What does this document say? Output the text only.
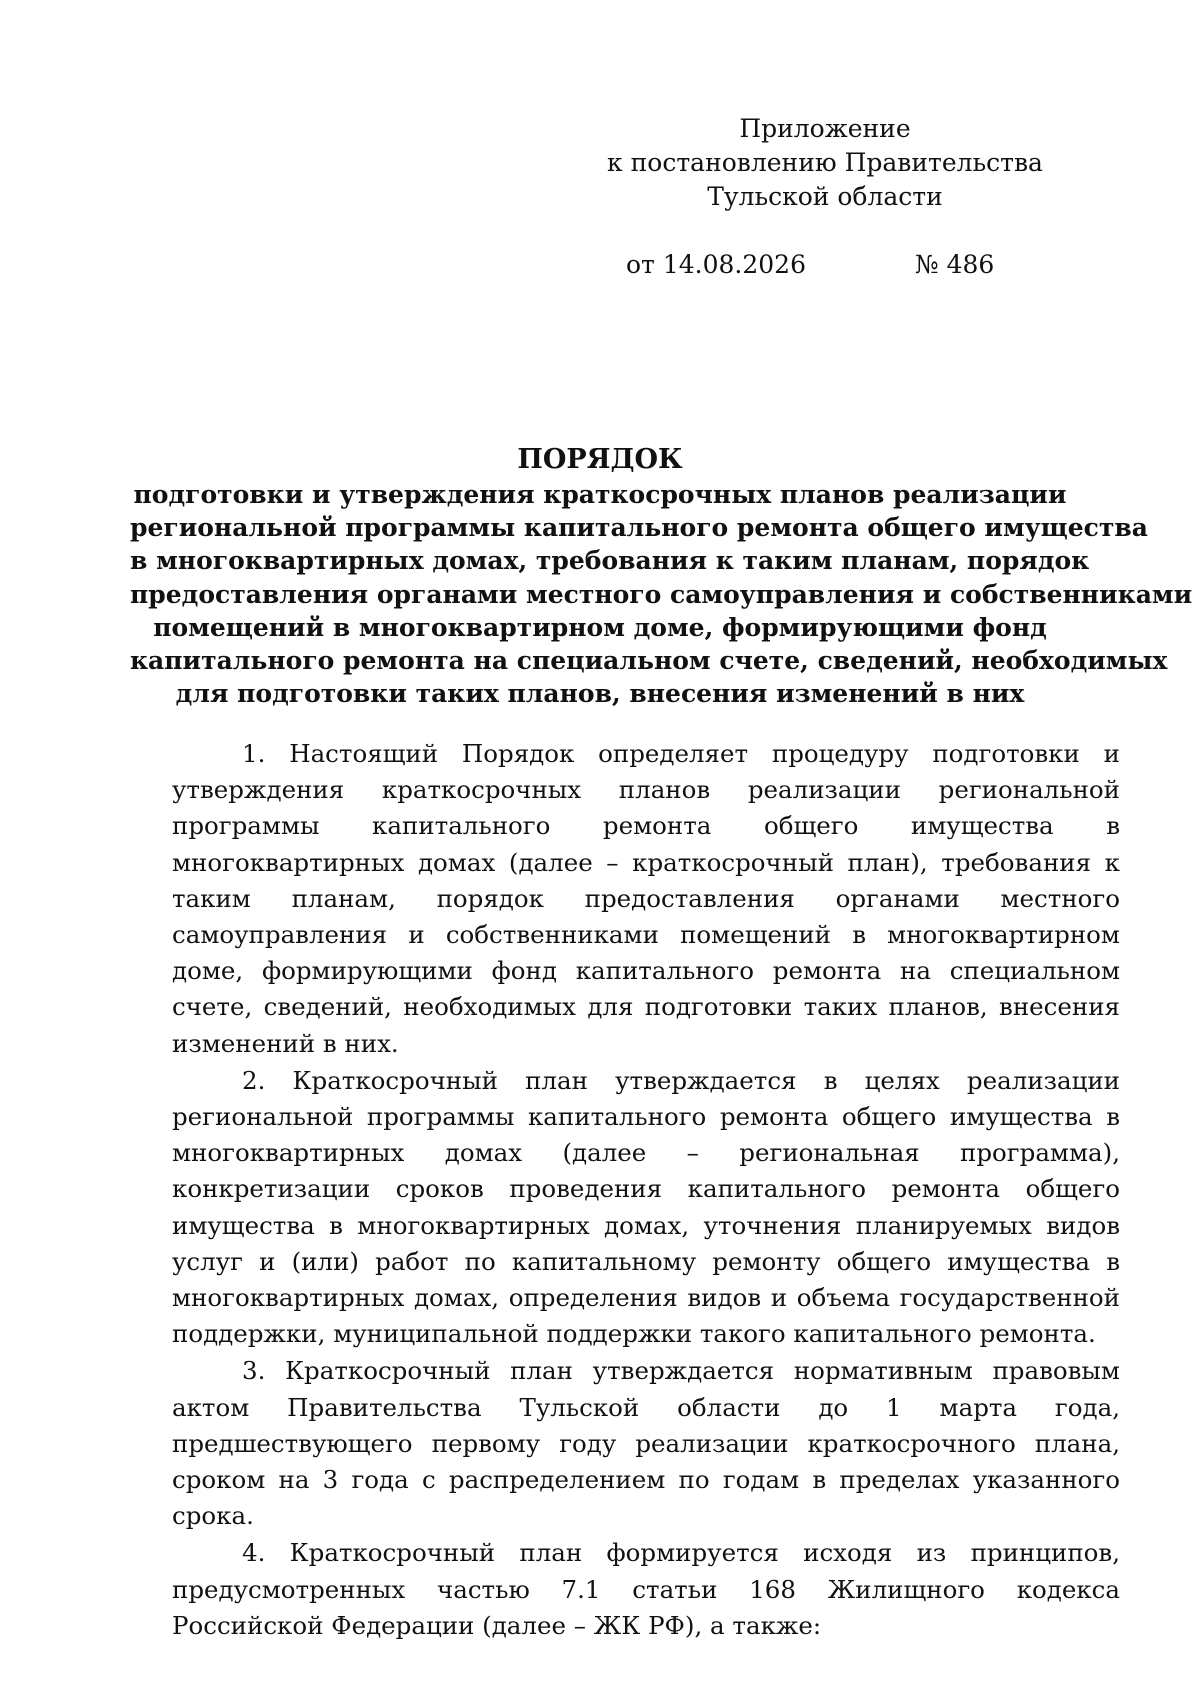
Приложение
к постановлению Правительства
Тульской области
от 14.08.2026	№ 486
ПОРЯДОК
подготовки и утверждения краткосрочных планов реализации
региональной программы капитального ремонта общего имущества
в многоквартирных домах, требования к таким планам, порядок
предоставления органами местного самоуправления и собственниками
помещений в многоквартирном доме, формирующими фонд
капитального ремонта на специальном счете, сведений, необходимых
для подготовки таких планов, внесения изменений в них

1. Настоящий Порядок определяет процедуру подготовки и утверждения краткосрочных планов реализации региональной программы капитального ремонта общего имущества в многоквартирных домах (далее – краткосрочный план), требования к таким планам, порядок предоставления органами местного самоуправления и собственниками помещений в многоквартирном доме, формирующими фонд капитального ремонта на специальном счете, сведений, необходимых для подготовки таких планов, внесения изменений в них.

2. Краткосрочный план утверждается в целях реализации региональной программы капитального ремонта общего имущества в многоквартирных домах (далее – региональная программа), конкретизации сроков проведения капитального ремонта общего имущества в многоквартирных домах, уточнения планируемых видов услуг и (или) работ по капитальному ремонту общего имущества в многоквартирных домах, определения видов и объема государственной поддержки, муниципальной поддержки такого капитального ремонта.

3. Краткосрочный план утверждается нормативным правовым актом Правительства Тульской области до 1 марта года, предшествующего первому году реализации краткосрочного плана, сроком на 3 года с распределением по годам в пределах указанного срока.

4. Краткосрочный план формируется исходя из принципов, предусмотренных частью 7.1 статьи 168 Жилищного кодекса Российской Федерации (далее – ЖК РФ), а также:
